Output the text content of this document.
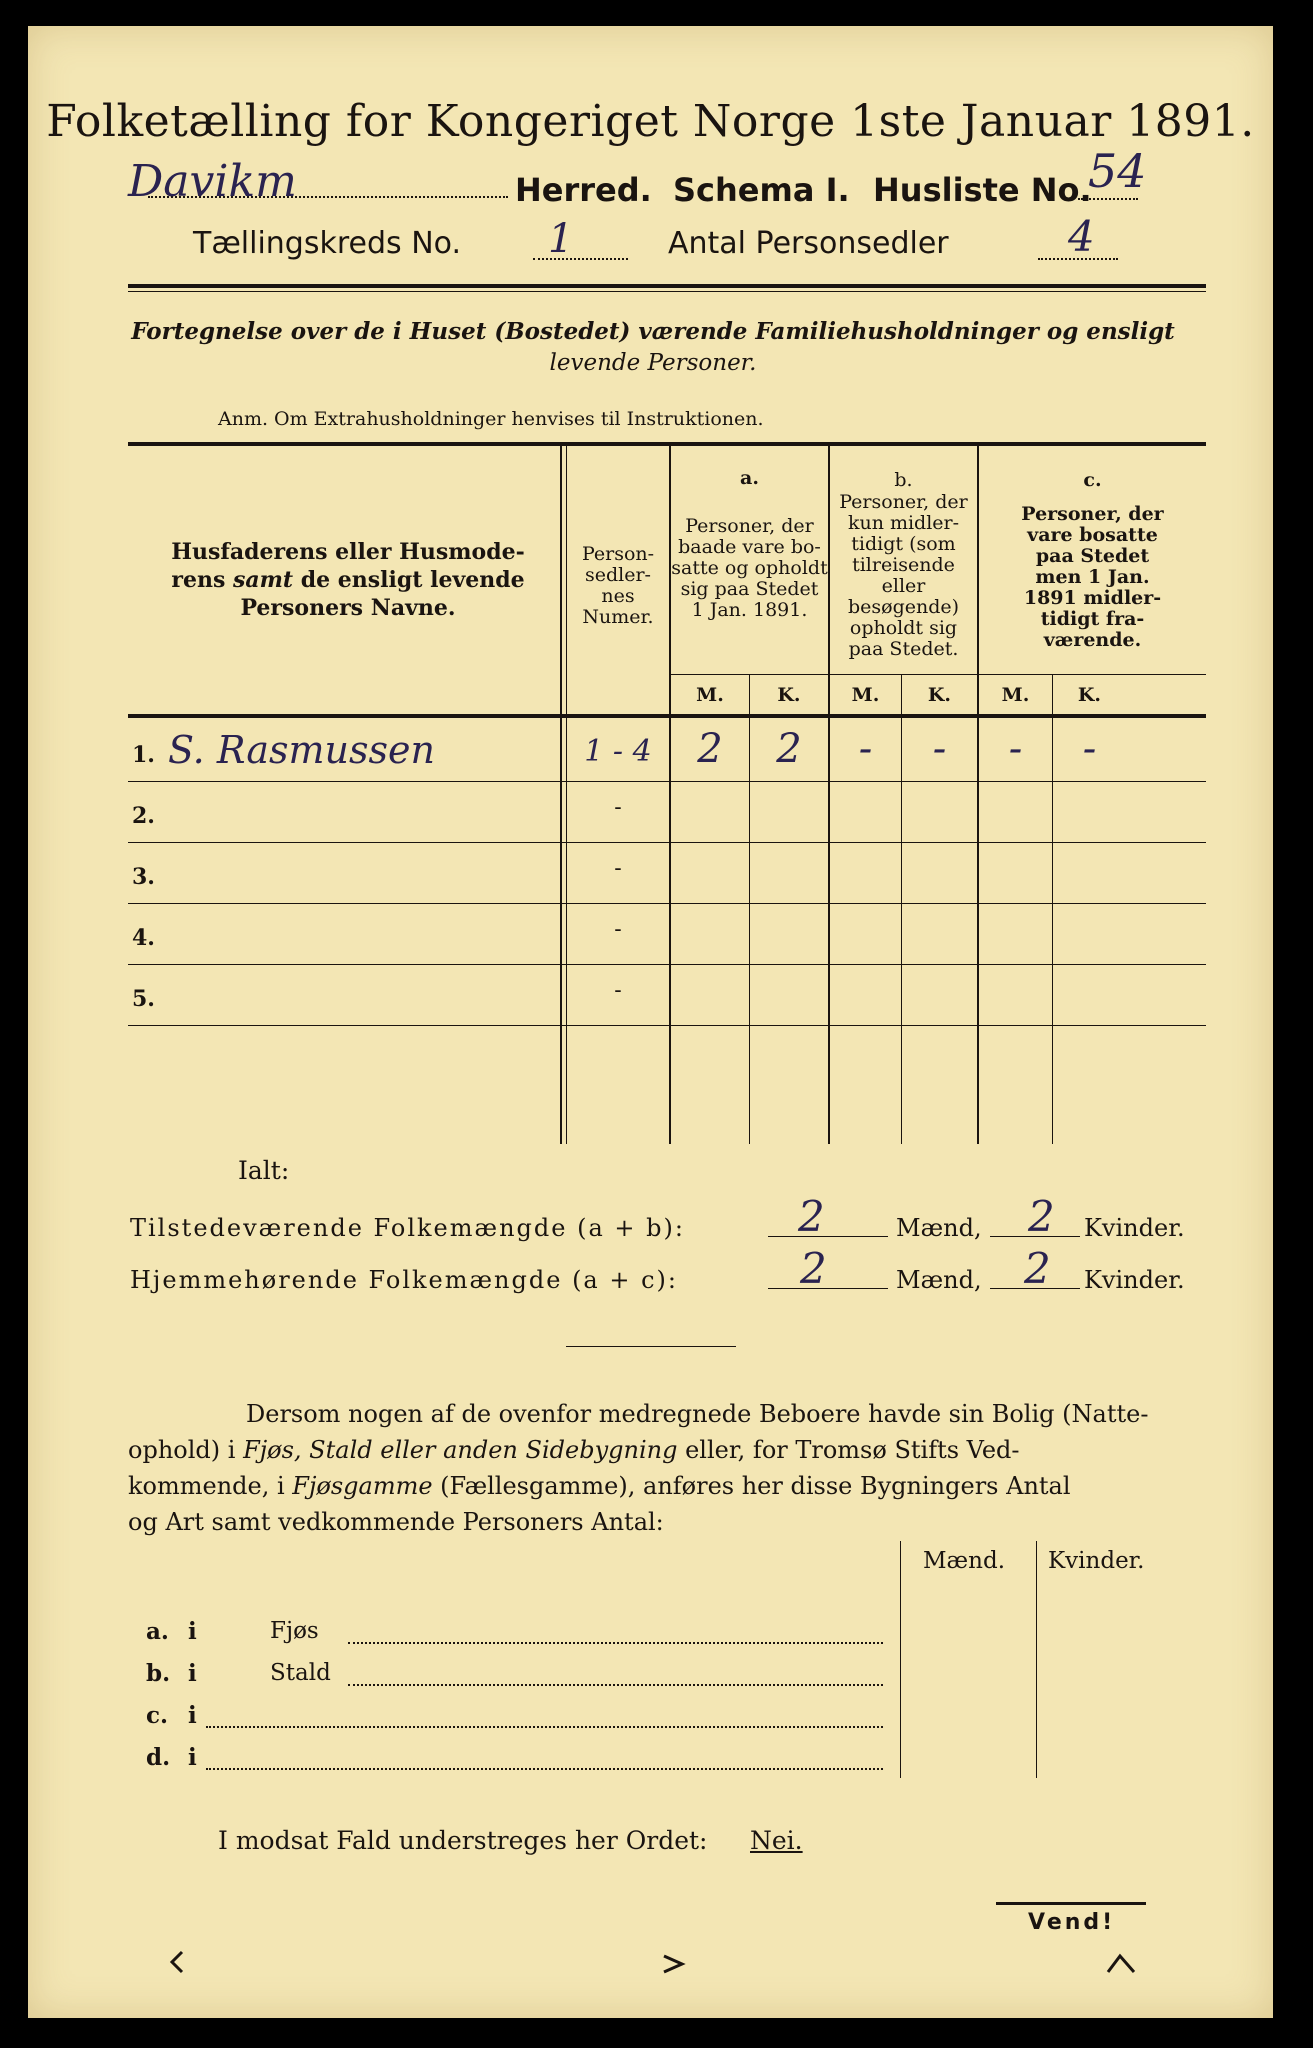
Folketælling for Kongeriget Norge 1ste Januar 1891.
Davikm	Herred. Schema I. Husliste No.
54
Tællingskreds No. 1	Antal Personsedler	4
Fortegnelse over de i Huset (Bostedet) værende Familiehusholdninger og ensligt
levende Personer.
Anm. Om Extrahusholdninger henvises til Instruktionen.
Husfaderens eller Husmode-
rens samt de ensligt levende
Personers Navne.
Person-
sedler-
nes
Numer.
a.
Personer, der
baade vare bo-
satte og opholdt
sig paa Stedet
1 Jan. 1891.
b.
Personer, der
kun midler-
tidigt (som
tilreisende
eller
besøgende)
opholdt sig
paa Stedet.
c.
Personer, der
vare bosatte
paa Stedet
men 1 Jan.
1891 midler-
tidigt fra-
værende.
M.	K.	M.	K.	M.	K.
1. S. Rasmussen	1 - 4	2	2	-	-	-	-
2.	-
3.	-
4.	-
5.	-
Ialt:
Tilstedeværende Folkemængde (a + b):	2	Mænd, 2 Kvinder.
Hjemmehørende Folkemængde (a + c):	2	Mænd, 2 Kvinder.
Dersom nogen af de ovenfor medregnede Beboere havde sin Bolig (Natte-
ophold) i Fjøs, Stald eller anden Sidebygning eller, for Tromsø Stifts Ved-
kommende, i Fjøsgamme (Fællesgamme), anføres her disse Bygningers Antal
og Art samt vedkommende Personers Antal:
Mænd. Kvinder.
a. i	Fjøs
b. i	Stald
c. i
d. i
I modsat Fald understreges her Ordet: Nei.
Vend!
